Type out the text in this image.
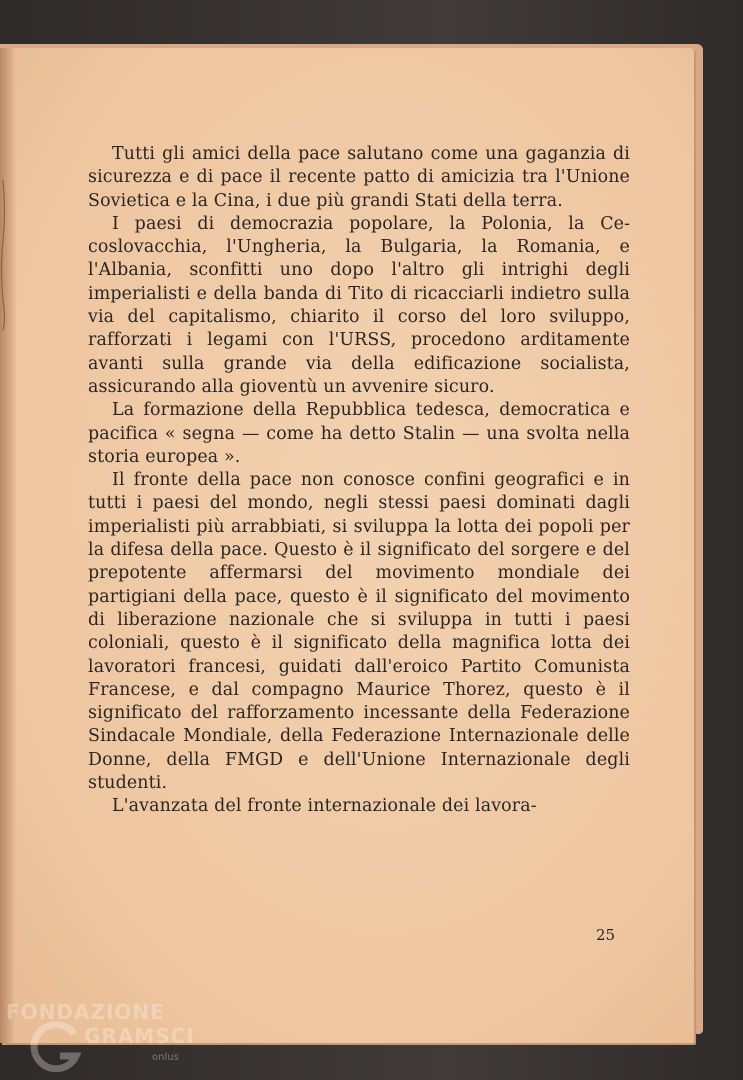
Tutti gli amici della pace salutano come una gaganzia di sicurezza e di pace il recente patto di amicizia tra l'Unione Sovietica e la Cina, i due più grandi Stati della terra.

I paesi di democrazia popolare, la Polonia, la Cecoslovacchia, l'Ungheria, la Bulgaria, la Romania, e l'Albania, sconfitti uno dopo l'altro gli intrighi degli imperialisti e della banda di Tito di ricacciarli indietro sulla via del capitalismo, chiarito il corso del loro sviluppo, rafforzati i legami con l'URSS, procedono arditamente avanti sulla grande via della edificazione socialista, assicurando alla gioventù un avvenire sicuro.

La formazione della Repubblica tedesca, democratica e pacifica « segna — come ha detto Stalin — una svolta nella storia europea ».

Il fronte della pace non conosce confini geografici e in tutti i paesi del mondo, negli stessi paesi dominati dagli imperialisti più arrabbiati, si sviluppa la lotta dei popoli per la difesa della pace. Questo è il significato del sorgere e del prepotente affermarsi del movimento mondiale dei partigiani della pace, questo è il significato del movimento di liberazione nazionale che si sviluppa in tutti i paesi coloniali, questo è il significato della magnifica lotta dei lavoratori francesi, guidati dall'eroico Partito Comunista Francese, e dal compagno Maurice Thorez, questo è il significato del rafforzamento incessante della Federazione Sindacale Mondiale, della Federazione Internazionale delle Donne, della FMGD e dell'Unione Internazionale degli studenti.

L'avanzata del fronte internazionale dei lavora-

25
FONDAZIONE
GRAMSCI
onlus
